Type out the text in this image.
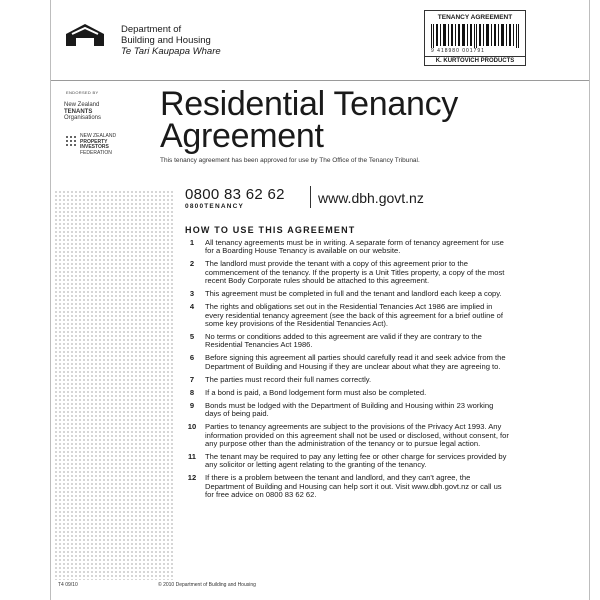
Department of
Building and Housing
Te Tari Kaupapa Whare
TENANCY AGREEMENT
9 418980 001791
K. KURTOVICH PRODUCTS
ENDORSED BY
New Zealand
TENANTS
Organisations
NEW ZEALAND
PROPERTY
INVESTORS
FEDERATION
Residential Tenancy
Agreement
This tenancy agreement has been approved for use by The Office of the Tenancy Tribunal.
0800 83 62 62
0800TENANCY
www.dbh.govt.nz
HOW TO USE THIS AGREEMENT
1	All tenancy agreements must be in writing. A separate form of tenancy agreement for use for a Boarding House Tenancy is available on our website.
2	The landlord must provide the tenant with a copy of this agreement prior to the commencement of the tenancy. If the property is a Unit Titles property, a copy of the most recent Body Corporate rules should be attached to this agreement.
3	This agreement must be completed in full and the tenant and landlord each keep a copy.
4	The rights and obligations set out in the Residential Tenancies Act 1986 are implied in every residential tenancy agreement (see the back of this agreement for a brief outline of some key provisions of the Residential Tenancies Act).
5	No terms or conditions added to this agreement are valid if they are contrary to the Residential Tenancies Act 1986.
6	Before signing this agreement all parties should carefully read it and seek advice from the Department of Building and Housing if they are unclear about what they are agreeing to.
7	The parties must record their full names correctly.
8	If a bond is paid, a Bond lodgement form must also be completed.
9	Bonds must be lodged with the Department of Building and Housing within 23 working days of being paid.
10	Parties to tenancy agreements are subject to the provisions of the Privacy Act 1993. Any information provided on this agreement shall not be used or disclosed, without consent, for any purpose other than the administration of the tenancy or to pursue legal action.
11	The tenant may be required to pay any letting fee or other charge for services provided by any solicitor or letting agent relating to the granting of the tenancy.
12	If there is a problem between the tenant and landlord, and they can't agree, the Department of Building and Housing can help sort it out. Visit www.dbh.govt.nz or call us for free advice on 0800 83 62 62.
T4 09/10	© 2010 Department of Building and Housing
